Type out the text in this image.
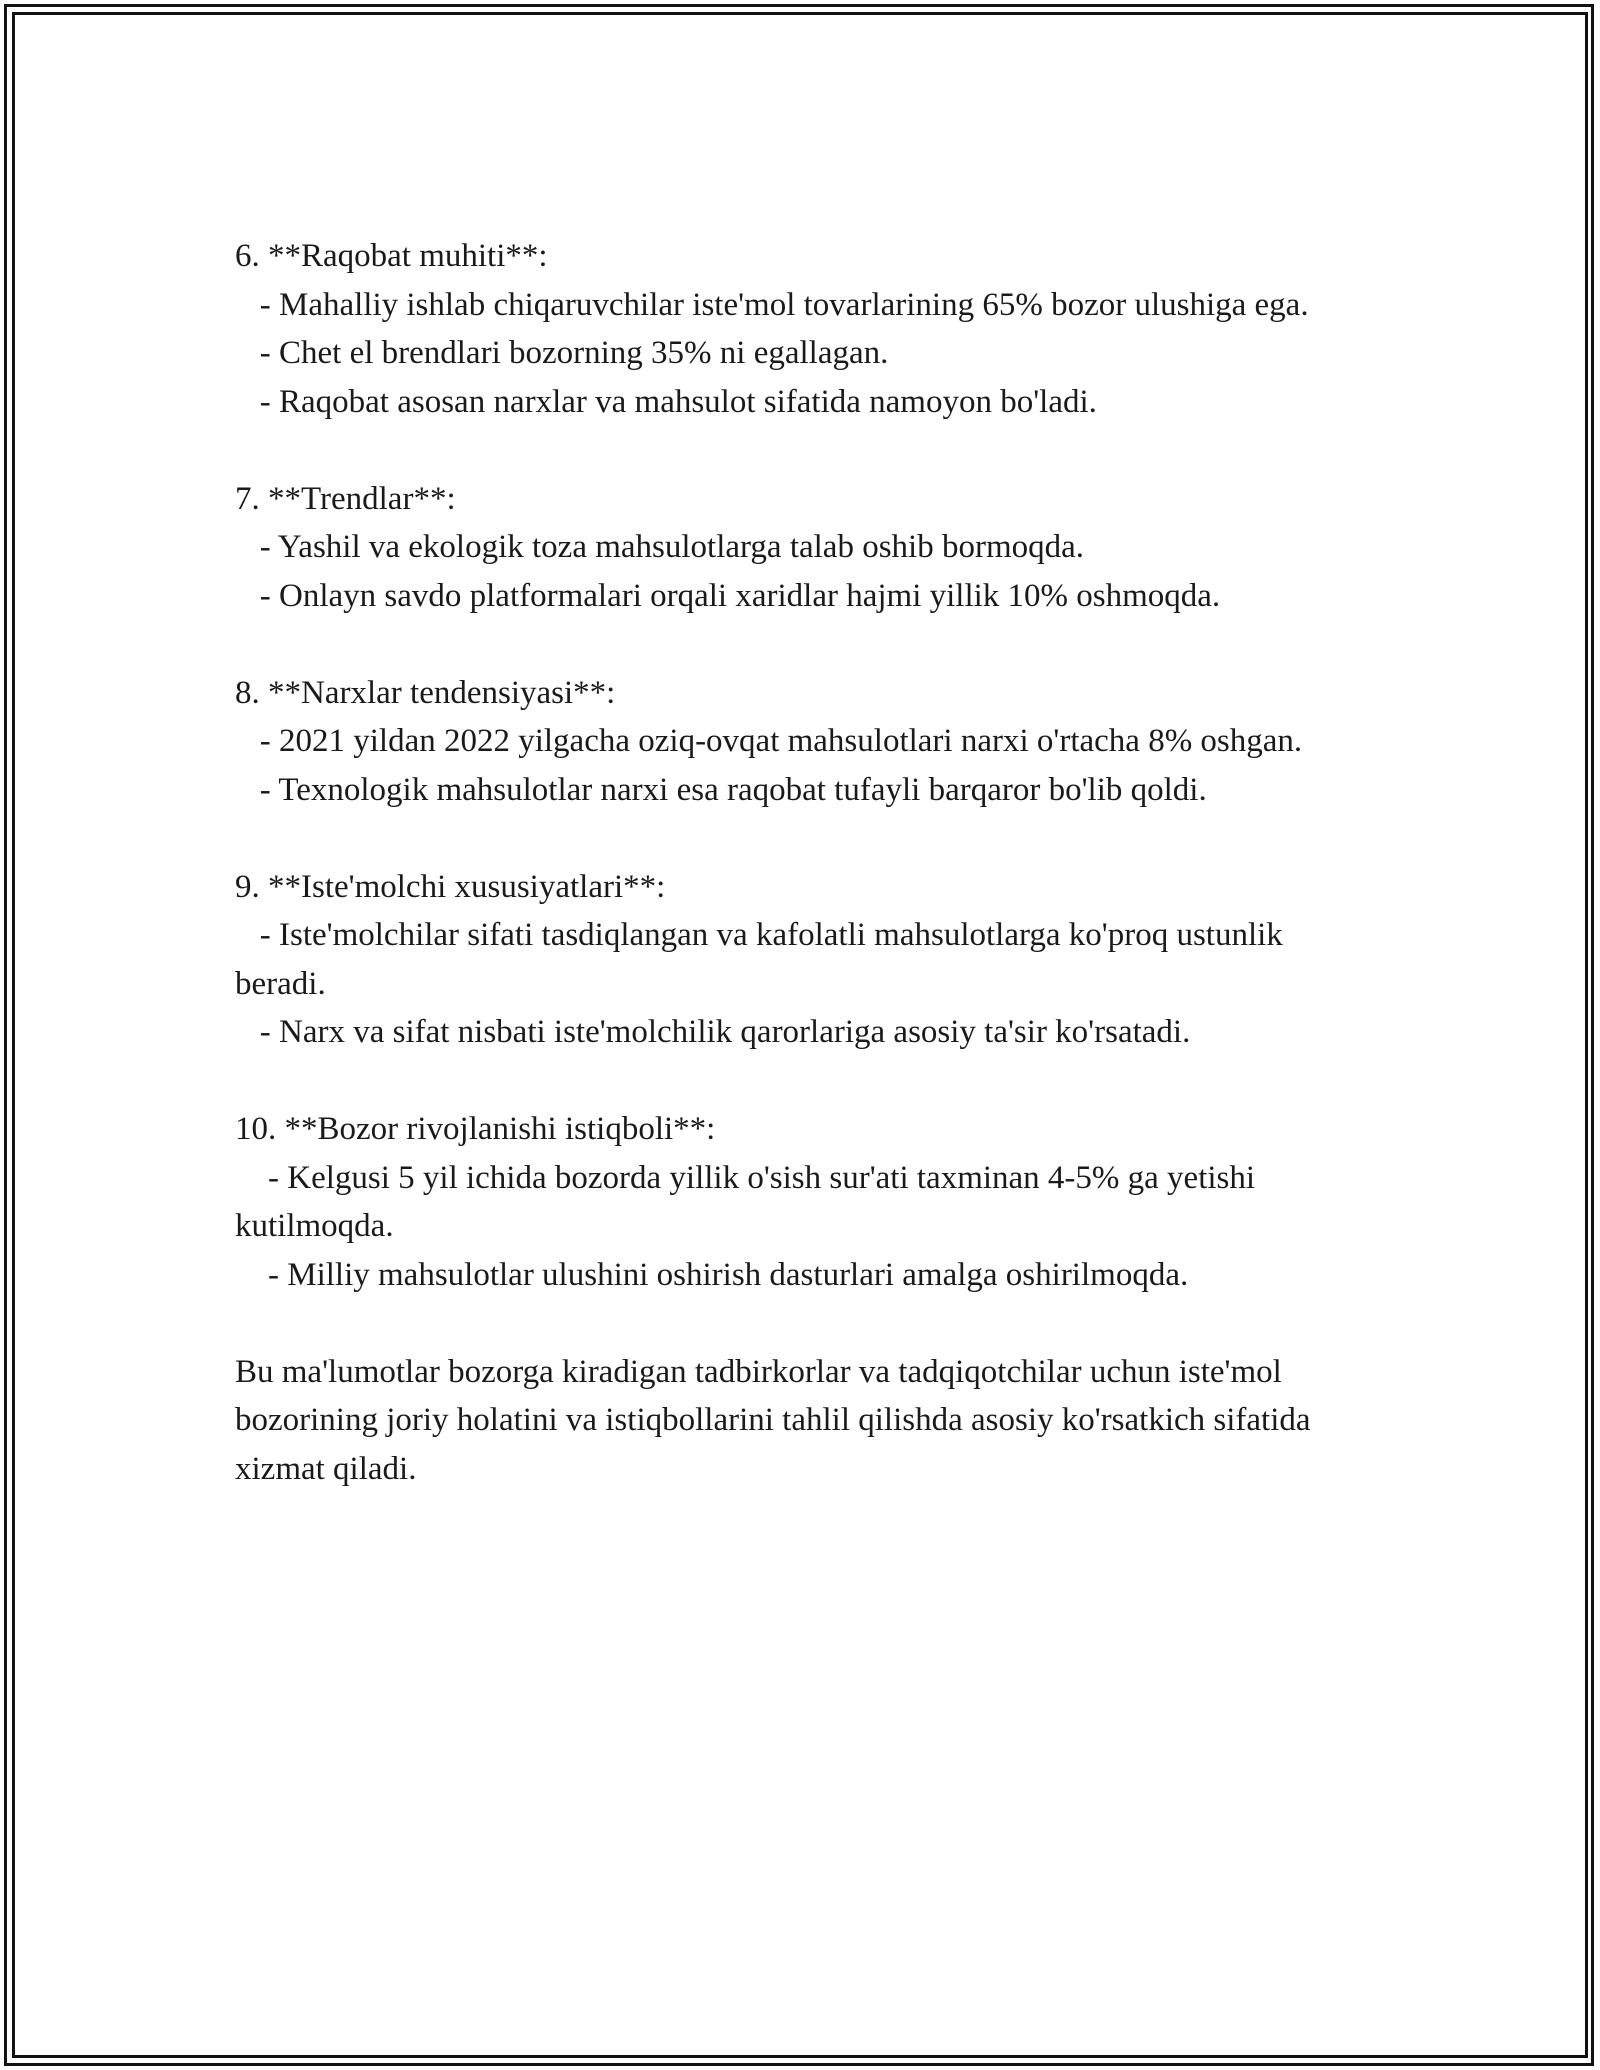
6. **Raqobat muhiti**:
- Mahalliy ishlab chiqaruvchilar iste'mol tovarlarining 65% bozor ulushiga ega.
- Chet el brendlari bozorning 35% ni egallagan.
- Raqobat asosan narxlar va mahsulot sifatida namoyon bo'ladi.
7. **Trendlar**:
- Yashil va ekologik toza mahsulotlarga talab oshib bormoqda.
- Onlayn savdo platformalari orqali xaridlar hajmi yillik 10% oshmoqda.
8. **Narxlar tendensiyasi**:
- 2021 yildan 2022 yilgacha oziq-ovqat mahsulotlari narxi o'rtacha 8% oshgan.
- Texnologik mahsulotlar narxi esa raqobat tufayli barqaror bo'lib qoldi.
9. **Iste'molchi xususiyatlari**:
- Iste'molchilar sifati tasdiqlangan va kafolatli mahsulotlarga ko'proq ustunlik beradi.
- Narx va sifat nisbati iste'molchilik qarorlariga asosiy ta'sir ko'rsatadi.
10. **Bozor rivojlanishi istiqboli**:
- Kelgusi 5 yil ichida bozorda yillik o'sish sur'ati taxminan 4-5% ga yetishi kutilmoqda.
- Milliy mahsulotlar ulushini oshirish dasturlari amalga oshirilmoqda.
Bu ma'lumotlar bozorga kiradigan tadbirkorlar va tadqiqotchilar uchun iste'mol bozorining joriy holatini va istiqbollarini tahlil qilishda asosiy ko'rsatkich sifatida xizmat qiladi.
